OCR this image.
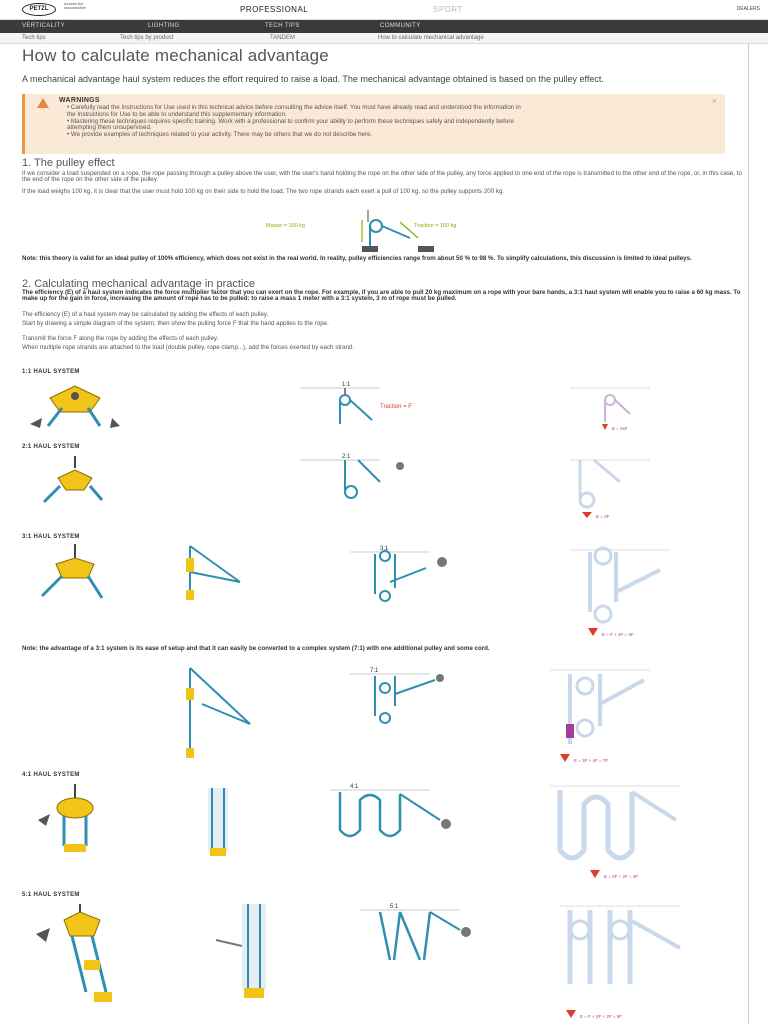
PETZL
Access the inaccessible	PROFESSIONAL	SPORT	DEALERS
VERTICALITY	LIGHTING	TECH TIPS	COMMUNITY
Tech tips	Tech tips by product	TANDEM	How to calculate mechanical advantage
How to calculate mechanical advantage
A mechanical advantage haul system reduces the effort required to raise a load. The mechanical advantage obtained is based on the pulley effect.
WARNINGS	×
• Carefully read the Instructions for Use used in this technical advice before consulting the advice itself. You must have already read and understood the information in the Instructions for Use to be able to understand this supplementary information.
• Mastering these techniques requires specific training. Work with a professional to confirm your ability to perform these techniques safely and independently before attempting them unsupervised.
• We provide examples of techniques related to your activity. There may be others that we do not describe here.
1. The pulley effect
If we consider a load suspended on a rope, the rope passing through a pulley above the user, with the user's hand holding the rope on the other side of the pulley, any force applied to one end of the rope is transmitted to the other end of the rope, or, in this case, to the end of the rope on the other side of the pulley.
If the load weighs 100 kg, it is clear that the user must hold 100 kg on their side to hold the load. The two rope strands each exert a pull of 100 kg, so the pulley supports 200 kg.
Masse = 100 kg	Traction = 100 kg
Note: this theory is valid for an ideal pulley of 100% efficiency, which does not exist in the real world. In reality, pulley efficiencies range from about 50 % to 98 %. To simplify calculations, this discussion is limited to ideal pulleys.
2. Calculating mechanical advantage in practice
The efficiency (E) of a haul system indicates the force multiplier factor that you can exert on the rope. For example, if you are able to pull 20 kg maximum on a rope with your bare hands, a 3:1 haul system will enable you to raise a 60 kg mass. To make up for the gain in force, increasing the amount of rope has to be pulled: to raise a mass 1 meter with a 3:1 system, 3 m of rope must be pulled.
The efficiency (E) of a haul system may be calculated by adding the effects of each pulley.
Start by drawing a simple diagram of the system, then show the pulling force F that the hand applies to the rope.
Transmit the force F along the rope by adding the effects of each pulley.
When multiple rope strands are attached to the load (double pulley, rope clamp...), add the forces exerted by each strand.
1:1 HAUL SYSTEM
1:1
Traction = F
E = 2xF
2:1 HAUL SYSTEM
2:1
E = 3F
3:1 HAUL SYSTEM
3:1
E = F + 2F = 3F
Note: the advantage of a 3:1 system is its ease of setup and that it can easily be converted to a complex system (7:1) with one additional pulley and some cord.
7:1
E = 3F + 4F = 7F
4:1 HAUL SYSTEM
4:1
E = 2F + 2F = 4F
5:1 HAUL SYSTEM
5:1
E = F + 2F + 2F = 5F
